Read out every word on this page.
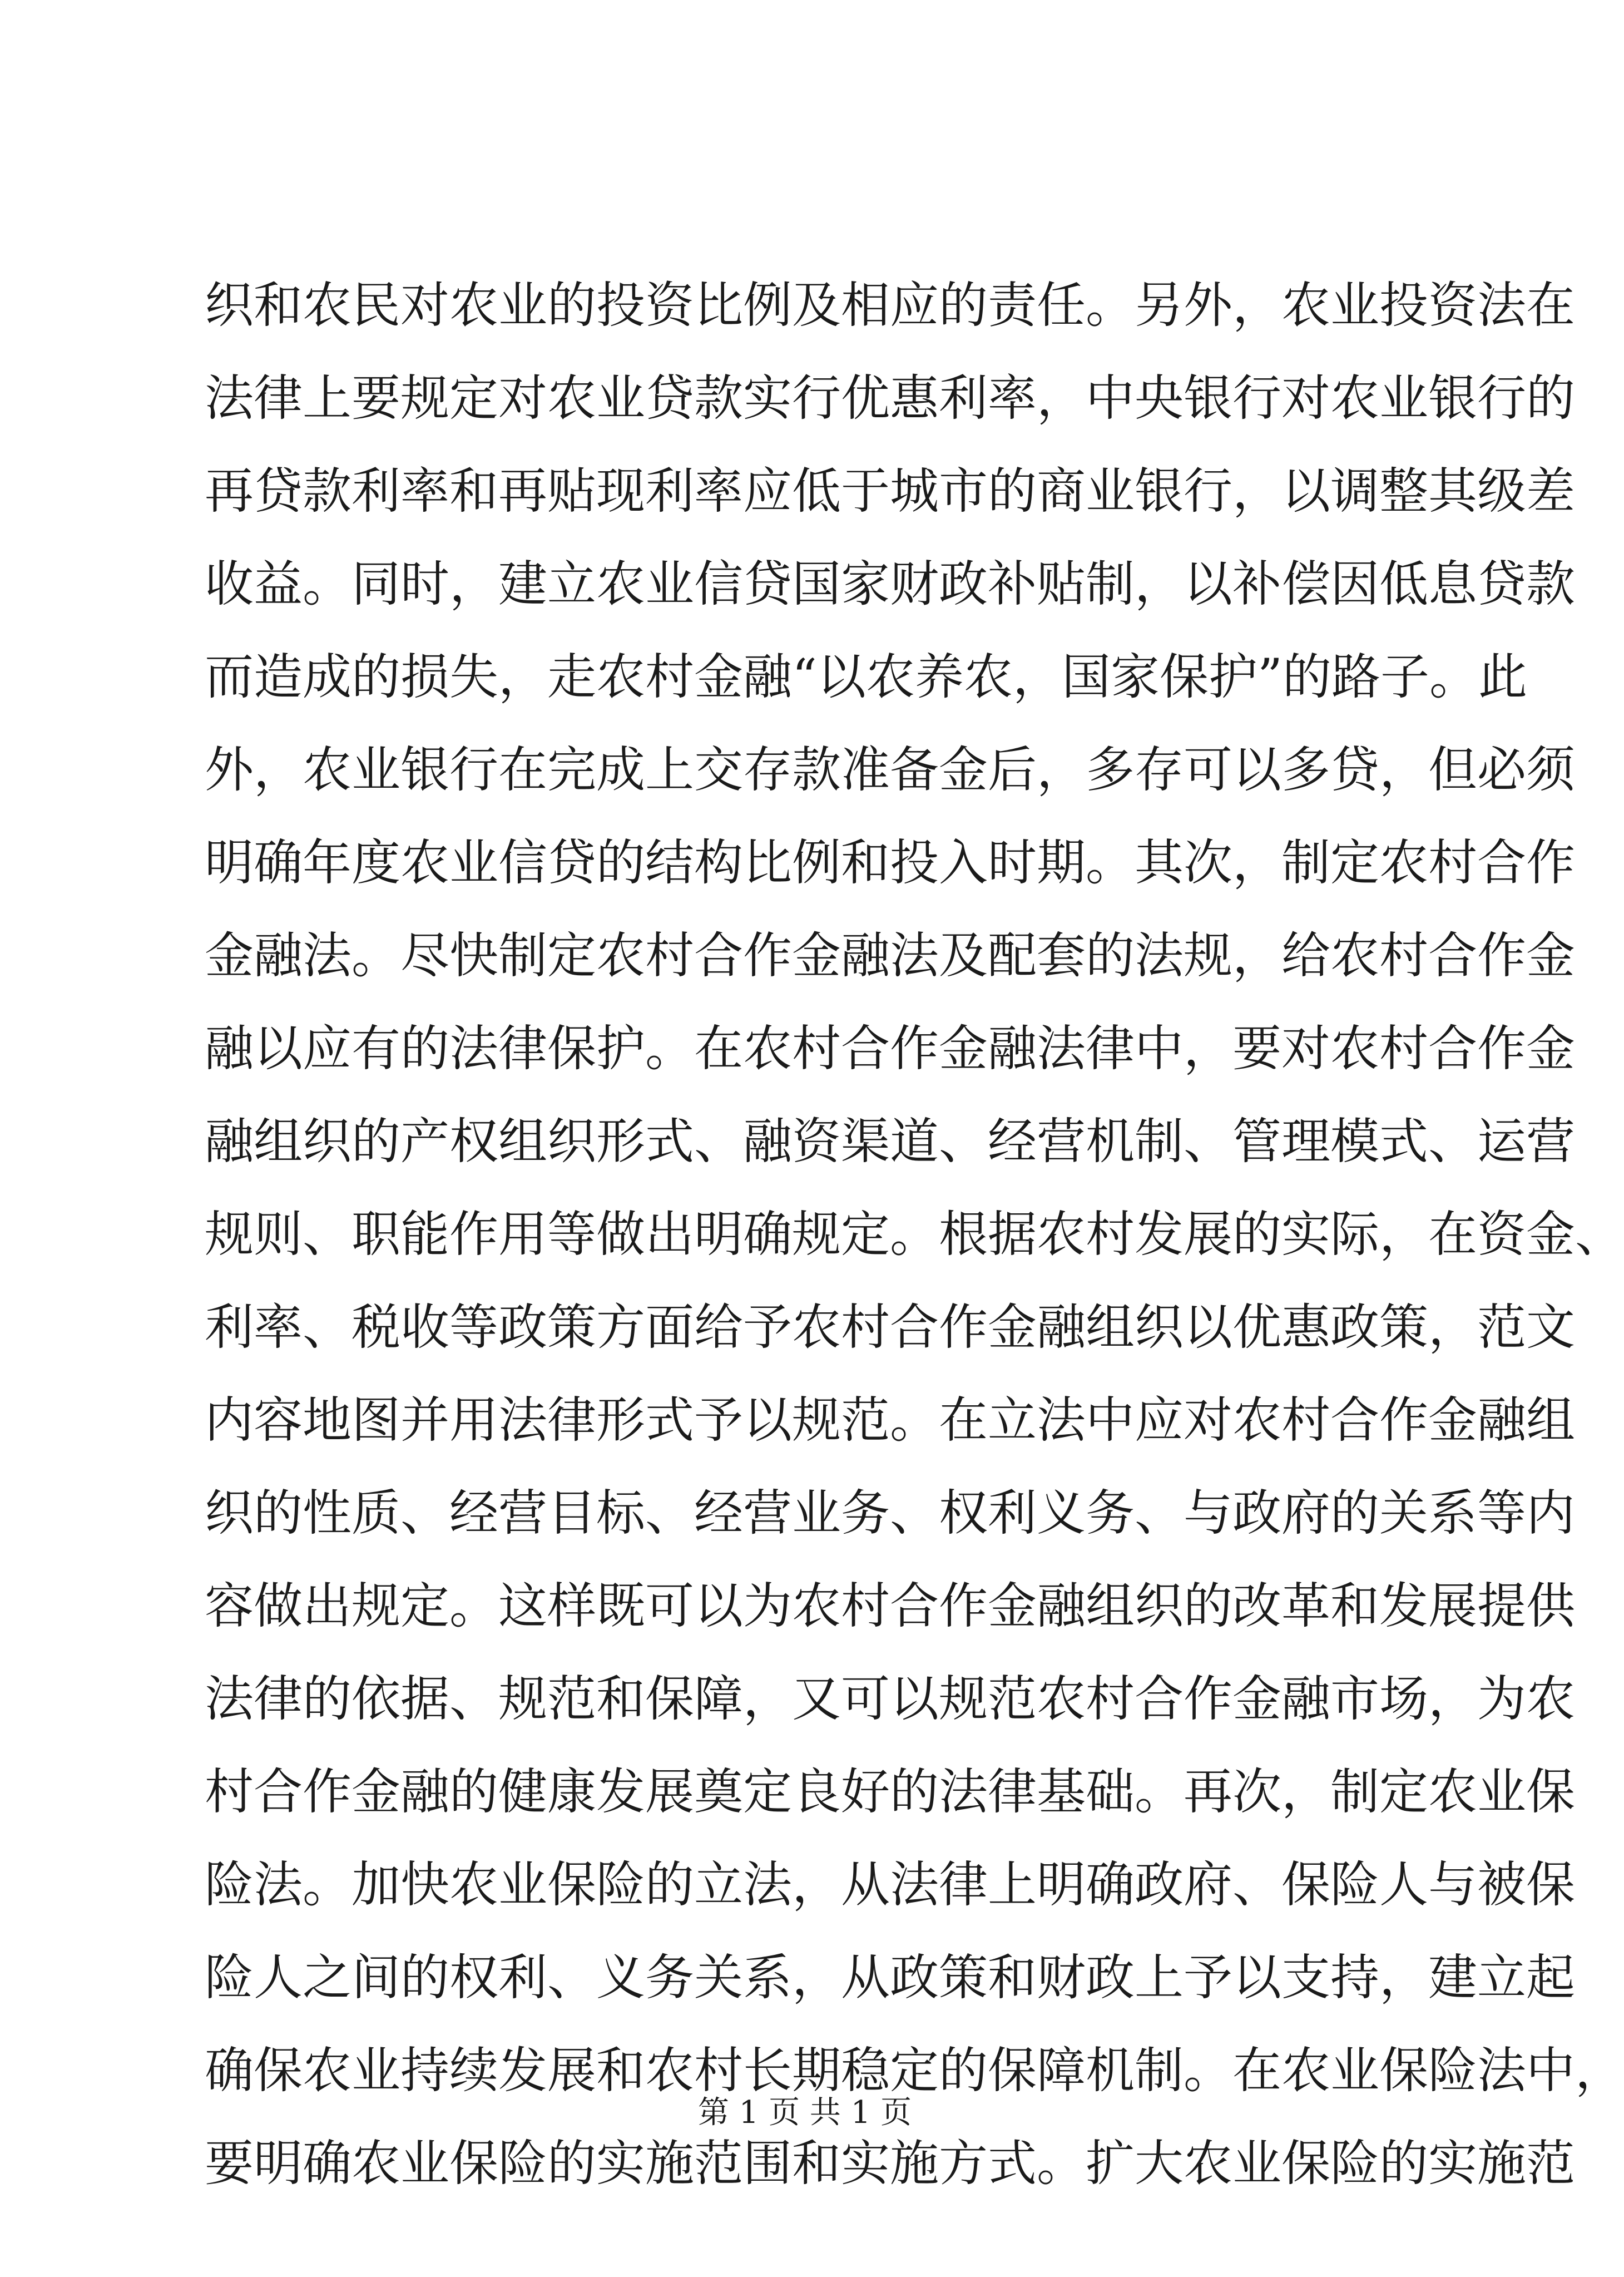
织和农民对农业的投资比例及相应的责任。另外，农业投资法在
法律上要规定对农业贷款实行优惠利率，中央银行对农业银行的
再贷款利率和再贴现利率应低于城市的商业银行，以调整其级差
收益。同时，建立农业信贷国家财政补贴制，以补偿因低息贷款
而造成的损失，走农村金融“以农养农，国家保护”的路子。此
外，农业银行在完成上交存款准备金后，多存可以多贷，但必须
明确年度农业信贷的结构比例和投入时期。其次，制定农村合作
金融法。尽快制定农村合作金融法及配套的法规，给农村合作金
融以应有的法律保护。在农村合作金融法律中，要对农村合作金
融组织的产权组织形式、融资渠道、经营机制、管理模式、运营
规则、职能作用等做出明确规定。根据农村发展的实际，在资金、
利率、税收等政策方面给予农村合作金融组织以优惠政策，范文
内容地图并用法律形式予以规范。在立法中应对农村合作金融组
织的性质、经营目标、经营业务、权利义务、与政府的关系等内
容做出规定。这样既可以为农村合作金融组织的改革和发展提供
法律的依据、规范和保障，又可以规范农村合作金融市场，为农
村合作金融的健康发展奠定良好的法律基础。再次，制定农业保
险法。加快农业保险的立法，从法律上明确政府、保险人与被保
险人之间的权利、义务关系，从政策和财政上予以支持，建立起
确保农业持续发展和农村长期稳定的保障机制。在农业保险法中，
要明确农业保险的实施范围和实施方式。扩大农业保险的实施范
第 1 页 共 1 页
